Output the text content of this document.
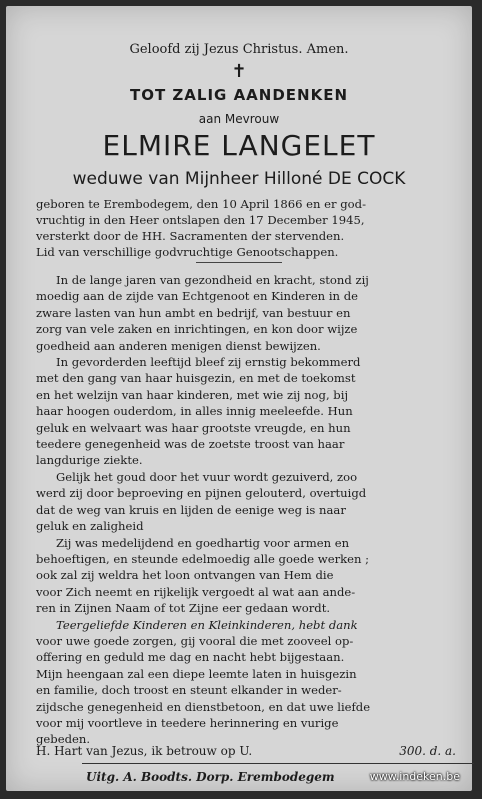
Geloofd zij Jezus Christus. Amen.
✝
TOT ZALIG AANDENKEN
aan Mevrouw
ELMIRE LANGELET
weduwe van Mijnheer Hilloné DE COCK
geboren te Erembodegem, den 10 April 1866 en er god-
vruchtig in den Heer ontslapen den 17 December 1945,
versterkt door de HH. Sacramenten der stervenden.
Lid van verschillige godvruchtige Genootschappen.
In de lange jaren van gezondheid en kracht, stond zij
moedig aan de zijde van Echtgenoot en Kinderen in de
zware lasten van hun ambt en bedrijf, van bestuur en
zorg van vele zaken en inrichtingen, en kon door wijze
goedheid aan anderen menigen dienst bewijzen.
In gevorderden leeftijd bleef zij ernstig bekommerd
met den gang van haar huisgezin, en met de toekomst
en het welzijn van haar kinderen, met wie zij nog, bij
haar hoogen ouderdom, in alles innig meeleefde. Hun
geluk en welvaart was haar grootste vreugde, en hun
teedere genegenheid was de zoetste troost van haar
langdurige ziekte.
Gelijk het goud door het vuur wordt gezuiverd, zoo
werd zij door beproeving en pijnen gelouterd, overtuigd
dat de weg van kruis en lijden de eenige weg is naar
geluk en zaligheid
Zij was medelijdend en goedhartig voor armen en
behoeftigen, en steunde edelmoedig alle goede werken ;
ook zal zij weldra het loon ontvangen van Hem die
voor Zich neemt en rijkelijk vergoedt al wat aan ande-
ren in Zijnen Naam of tot Zijne eer gedaan wordt.
Teergeliefde Kinderen en Kleinkinderen, hebt dank
voor uwe goede zorgen, gij vooral die met zooveel op-
offering en geduld me dag en nacht hebt bijgestaan.
Mijn heengaan zal een diepe leemte laten in huisgezin
en familie, doch troost en steunt elkander in weder-
zijdsche genegenheid en dienstbetoon, en dat uwe liefde
voor mij voortleve in teedere herinnering en vurige
gebeden.
H. Hart van Jezus, ik betrouw op U.	300. d. a.
Uitg. A. Boodts. Dorp. Erembodegem	www.indeken.be
